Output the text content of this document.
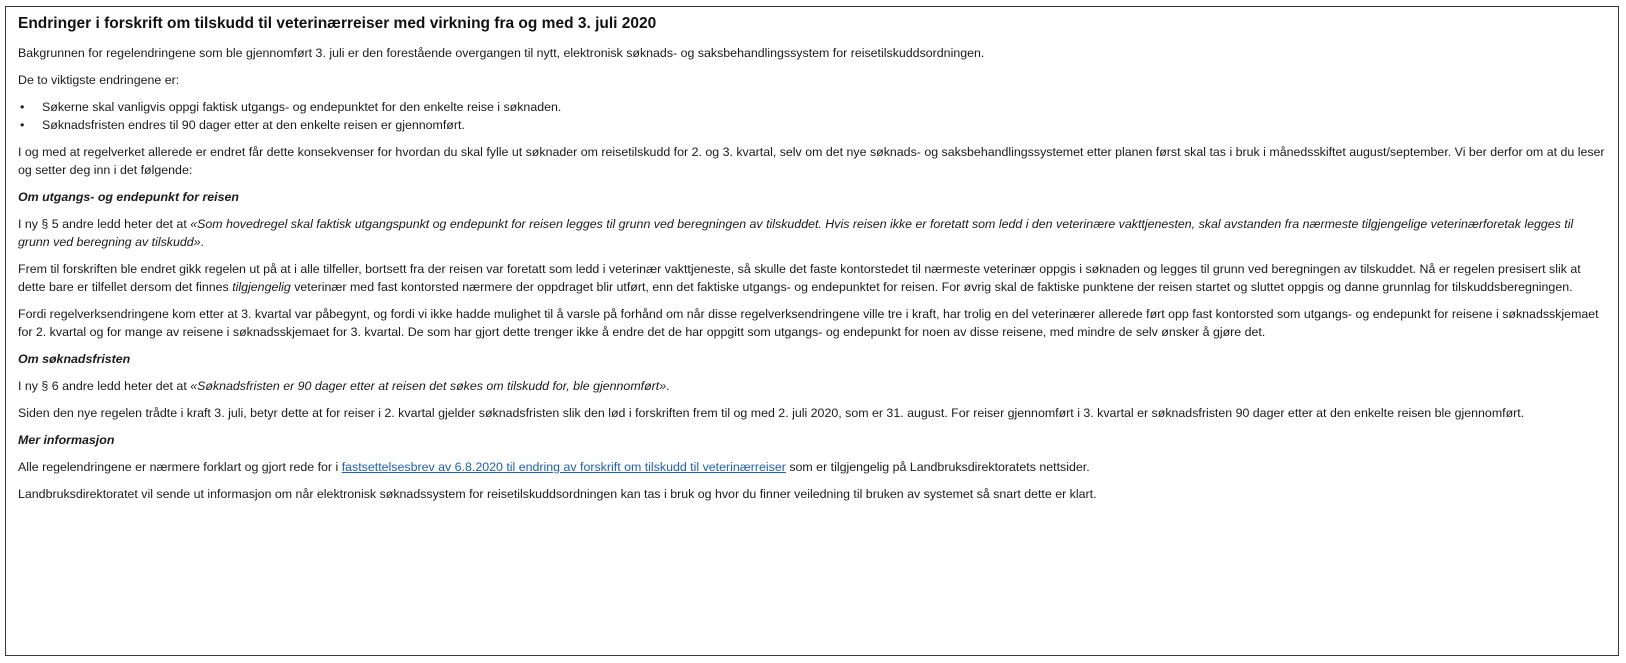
Endringer i forskrift om tilskudd til veterinærreiser med virkning fra og med 3. juli 2020

Bakgrunnen for regelendringene som ble gjennomført 3. juli er den forestående overgangen til nytt, elektronisk søknads- og saksbehandlingssystem for reisetilskuddsordningen.

De to viktigste endringene er:

• Søkerne skal vanligvis oppgi faktisk utgangs- og endepunktet for den enkelte reise i søknaden.
• Søknadsfristen endres til 90 dager etter at den enkelte reisen er gjennomført.

I og med at regelverket allerede er endret får dette konsekvenser for hvordan du skal fylle ut søknader om reisetilskudd for 2. og 3. kvartal, selv om det nye søknads- og saksbehandlingssystemet etter planen først skal tas i bruk i månedsskiftet august/september. Vi ber derfor om at du leser og setter deg inn i det følgende:

Om utgangs- og endepunkt for reisen

I ny § 5 andre ledd heter det at «Som hovedregel skal faktisk utgangspunkt og endepunkt for reisen legges til grunn ved beregningen av tilskuddet. Hvis reisen ikke er foretatt som ledd i den veterinære vakttjenesten, skal avstanden fra nærmeste tilgjengelige veterinærforetak legges til grunn ved beregning av tilskudd».

Frem til forskriften ble endret gikk regelen ut på at i alle tilfeller, bortsett fra der reisen var foretatt som ledd i veterinær vakttjeneste, så skulle det faste kontorstedet til nærmeste veterinær oppgis i søknaden og legges til grunn ved beregningen av tilskuddet. Nå er regelen presisert slik at dette bare er tilfellet dersom det finnes tilgjengelig veterinær med fast kontorsted nærmere der oppdraget blir utført, enn det faktiske utgangs- og endepunktet for reisen. For øvrig skal de faktiske punktene der reisen startet og sluttet oppgis og danne grunnlag for tilskuddsberegningen.

Fordi regelverksendringene kom etter at 3. kvartal var påbegynt, og fordi vi ikke hadde mulighet til å varsle på forhånd om når disse regelverksendringene ville tre i kraft, har trolig en del veterinærer allerede ført opp fast kontorsted som utgangs- og endepunkt for reisene i søknadsskjemaet for 2. kvartal og for mange av reisene i søknadsskjemaet for 3. kvartal. De som har gjort dette trenger ikke å endre det de har oppgitt som utgangs- og endepunkt for noen av disse reisene, med mindre de selv ønsker å gjøre det.

Om søknadsfristen

I ny § 6 andre ledd heter det at «Søknadsfristen er 90 dager etter at reisen det søkes om tilskudd for, ble gjennomført».

Siden den nye regelen trådte i kraft 3. juli, betyr dette at for reiser i 2. kvartal gjelder søknadsfristen slik den lød i forskriften frem til og med 2. juli 2020, som er 31. august. For reiser gjennomført i 3. kvartal er søknadsfristen 90 dager etter at den enkelte reisen ble gjennomført.

Mer informasjon

Alle regelendringene er nærmere forklart og gjort rede for i fastsettelsesbrev av 6.8.2020 til endring av forskrift om tilskudd til veterinærreiser som er tilgjengelig på Landbruksdirektoratets nettsider.

Landbruksdirektoratet vil sende ut informasjon om når elektronisk søknadssystem for reisetilskuddsordningen kan tas i bruk og hvor du finner veiledning til bruken av systemet så snart dette er klart.
